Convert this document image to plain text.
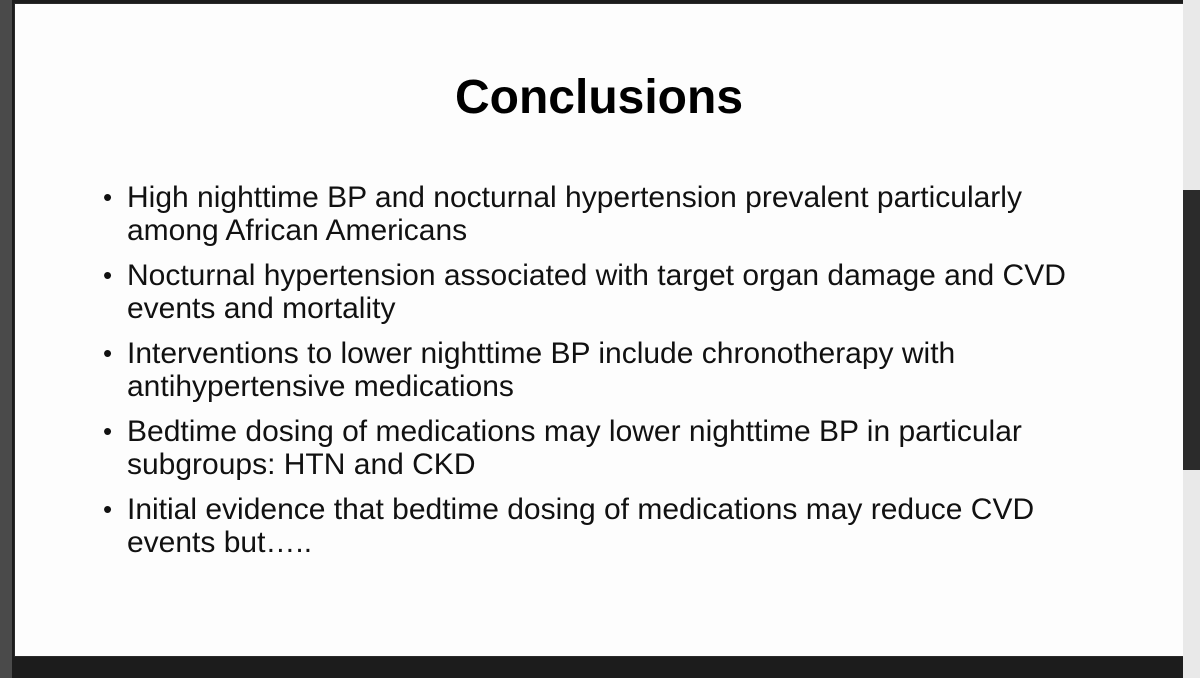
Conclusions
• High nighttime BP and nocturnal hypertension prevalent particularly among African Americans
• Nocturnal hypertension associated with target organ damage and CVD events and mortality
• Interventions to lower nighttime BP include chronotherapy with antihypertensive medications
• Bedtime dosing of medications may lower nighttime BP in particular subgroups: HTN and CKD
• Initial evidence that bedtime dosing of medications may reduce CVD events but…..
